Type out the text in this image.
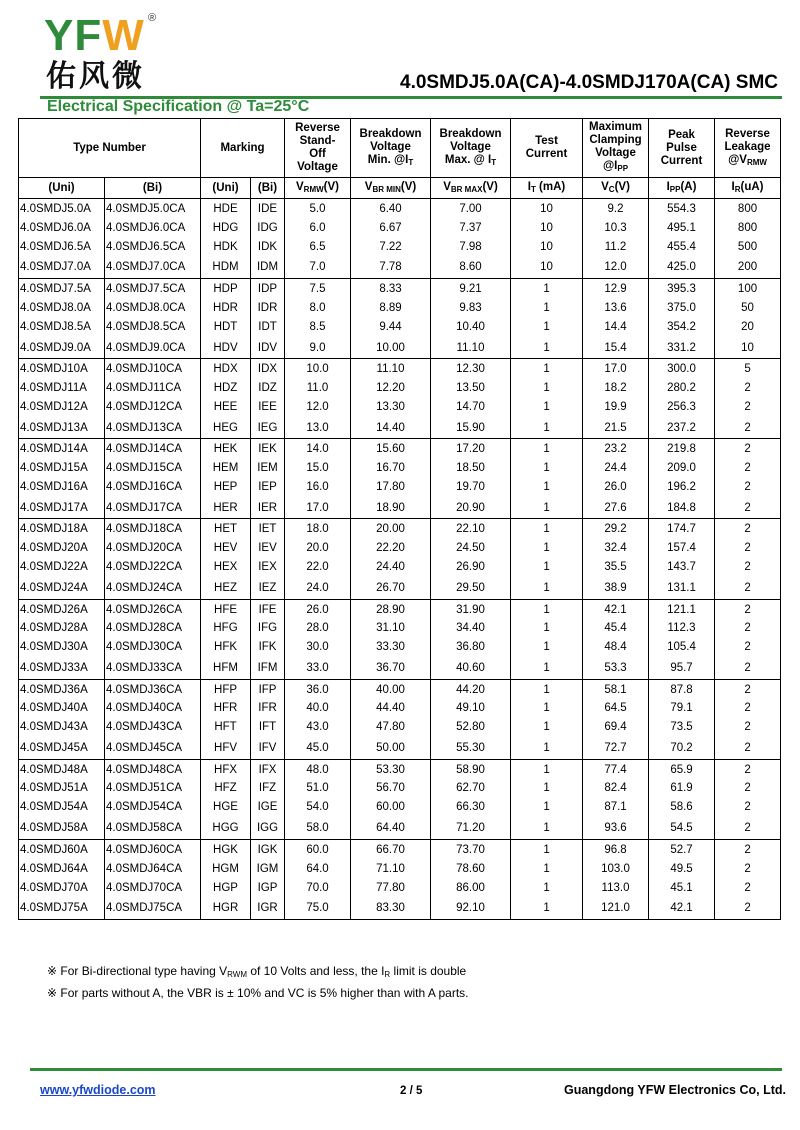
YFW ®
佑风微	4.0SMDJ5.0A(CA)-4.0SMDJ170A(CA) SMC
Electrical Specification @ Ta=25°C
Type Number		Marking		Reverse
Stand-
Off
Voltage	Breakdown
Voltage
Min. $@I_T$	Breakdown
Voltage
Max. @ $I_T$	Test
Current	Maximum
Clamping
Voltage
$@I_{PP}$	Peak
Pulse
Current	Reverse
Leakage
$@V_{RMW}$
(Uni)	(Bi)	(Uni)	(Bi)	$V_{RMW}(V)$	$V_{BR MIN}(V)$	$V_{BR MAX}(V)$	$I_T$ (mA)	$V_C(V)$	$I_{PP}(A)$	$I_R(uA)$
4.0SMDJ5.0A	4.0SMDJ5.0CA	HDE	IDE	5.0	6.40	7.00	10	9.2	554.3	800
4.0SMDJ6.0A	4.0SMDJ6.0CA	HDG	IDG	6.0	6.67	7.37	10	10.3	495.1	800
4.0SMDJ6.5A	4.0SMDJ6.5CA	HDK	IDK	6.5	7.22	7.98	10	11.2	455.4	500
4.0SMDJ7.0A	4.0SMDJ7.0CA	HDM	IDM	7.0	7.78	8.60	10	12.0	425.0	200
4.0SMDJ7.5A	4.0SMDJ7.5CA	HDP	IDP	7.5	8.33	9.21	1	12.9	395.3	100
4.0SMDJ8.0A	4.0SMDJ8.0CA	HDR	IDR	8.0	8.89	9.83	1	13.6	375.0	50
4.0SMDJ8.5A	4.0SMDJ8.5CA	HDT	IDT	8.5	9.44	10.40	1	14.4	354.2	20
4.0SMDJ9.0A	4.0SMDJ9.0CA	HDV	IDV	9.0	10.00	11.10	1	15.4	331.2	10
4.0SMDJ10A	4.0SMDJ10CA	HDX	IDX	10.0	11.10	12.30	1	17.0	300.0	5
4.0SMDJ11A	4.0SMDJ11CA	HDZ	IDZ	11.0	12.20	13.50	1	18.2	280.2	2
4.0SMDJ12A	4.0SMDJ12CA	HEE	IEE	12.0	13.30	14.70	1	19.9	256.3	2
4.0SMDJ13A	4.0SMDJ13CA	HEG	IEG	13.0	14.40	15.90	1	21.5	237.2	2
4.0SMDJ14A	4.0SMDJ14CA	HEK	IEK	14.0	15.60	17.20	1	23.2	219.8	2
4.0SMDJ15A	4.0SMDJ15CA	HEM	IEM	15.0	16.70	18.50	1	24.4	209.0	2
4.0SMDJ16A	4.0SMDJ16CA	HEP	IEP	16.0	17.80	19.70	1	26.0	196.2	2
4.0SMDJ17A	4.0SMDJ17CA	HER	IER	17.0	18.90	20.90	1	27.6	184.8	2
4.0SMDJ18A	4.0SMDJ18CA	HET	IET	18.0	20.00	22.10	1	29.2	174.7	2
4.0SMDJ20A	4.0SMDJ20CA	HEV	IEV	20.0	22.20	24.50	1	32.4	157.4	2
4.0SMDJ22A	4.0SMDJ22CA	HEX	IEX	22.0	24.40	26.90	1	35.5	143.7	2
4.0SMDJ24A	4.0SMDJ24CA	HEZ	IEZ	24.0	26.70	29.50	1	38.9	131.1	2
4.0SMDJ26A	4.0SMDJ26CA	HFE	IFE	26.0	28.90	31.90	1	42.1	121.1	2
4.0SMDJ28A	4.0SMDJ28CA	HFG	IFG	28.0	31.10	34.40	1	45.4	112.3	2
4.0SMDJ30A	4.0SMDJ30CA	HFK	IFK	30.0	33.30	36.80	1	48.4	105.4	2
4.0SMDJ33A	4.0SMDJ33CA	HFM	IFM	33.0	36.70	40.60	1	53.3	95.7	2
4.0SMDJ36A	4.0SMDJ36CA	HFP	IFP	36.0	40.00	44.20	1	58.1	87.8	2
4.0SMDJ40A	4.0SMDJ40CA	HFR	IFR	40.0	44.40	49.10	1	64.5	79.1	2
4.0SMDJ43A	4.0SMDJ43CA	HFT	IFT	43.0	47.80	52.80	1	69.4	73.5	2
4.0SMDJ45A	4.0SMDJ45CA	HFV	IFV	45.0	50.00	55.30	1	72.7	70.2	2
4.0SMDJ48A	4.0SMDJ48CA	HFX	IFX	48.0	53.30	58.90	1	77.4	65.9	2
4.0SMDJ51A	4.0SMDJ51CA	HFZ	IFZ	51.0	56.70	62.70	1	82.4	61.9	2
4.0SMDJ54A	4.0SMDJ54CA	HGE	IGE	54.0	60.00	66.30	1	87.1	58.6	2
4.0SMDJ58A	4.0SMDJ58CA	HGG	IGG	58.0	64.40	71.20	1	93.6	54.5	2
4.0SMDJ60A	4.0SMDJ60CA	HGK	IGK	60.0	66.70	73.70	1	96.8	52.7	2
4.0SMDJ64A	4.0SMDJ64CA	HGM	IGM	64.0	71.10	78.60	1	103.0	49.5	2
4.0SMDJ70A	4.0SMDJ70CA	HGP	IGP	70.0	77.80	86.00	1	113.0	45.1	2
4.0SMDJ75A	4.0SMDJ75CA	HGR	IGR	75.0	83.30	92.10	1	121.0	42.1	2
※ For Bi-directional type having $V_{RWM}$ of 10 Volts and less, the $I_R$ limit is double
※ For parts without A, the VBR is ± 10% and VC is 5% higher than with A parts.
www.yfwdiode.com	2 / 5	Guangdong YFW Electronics Co, Ltd.
